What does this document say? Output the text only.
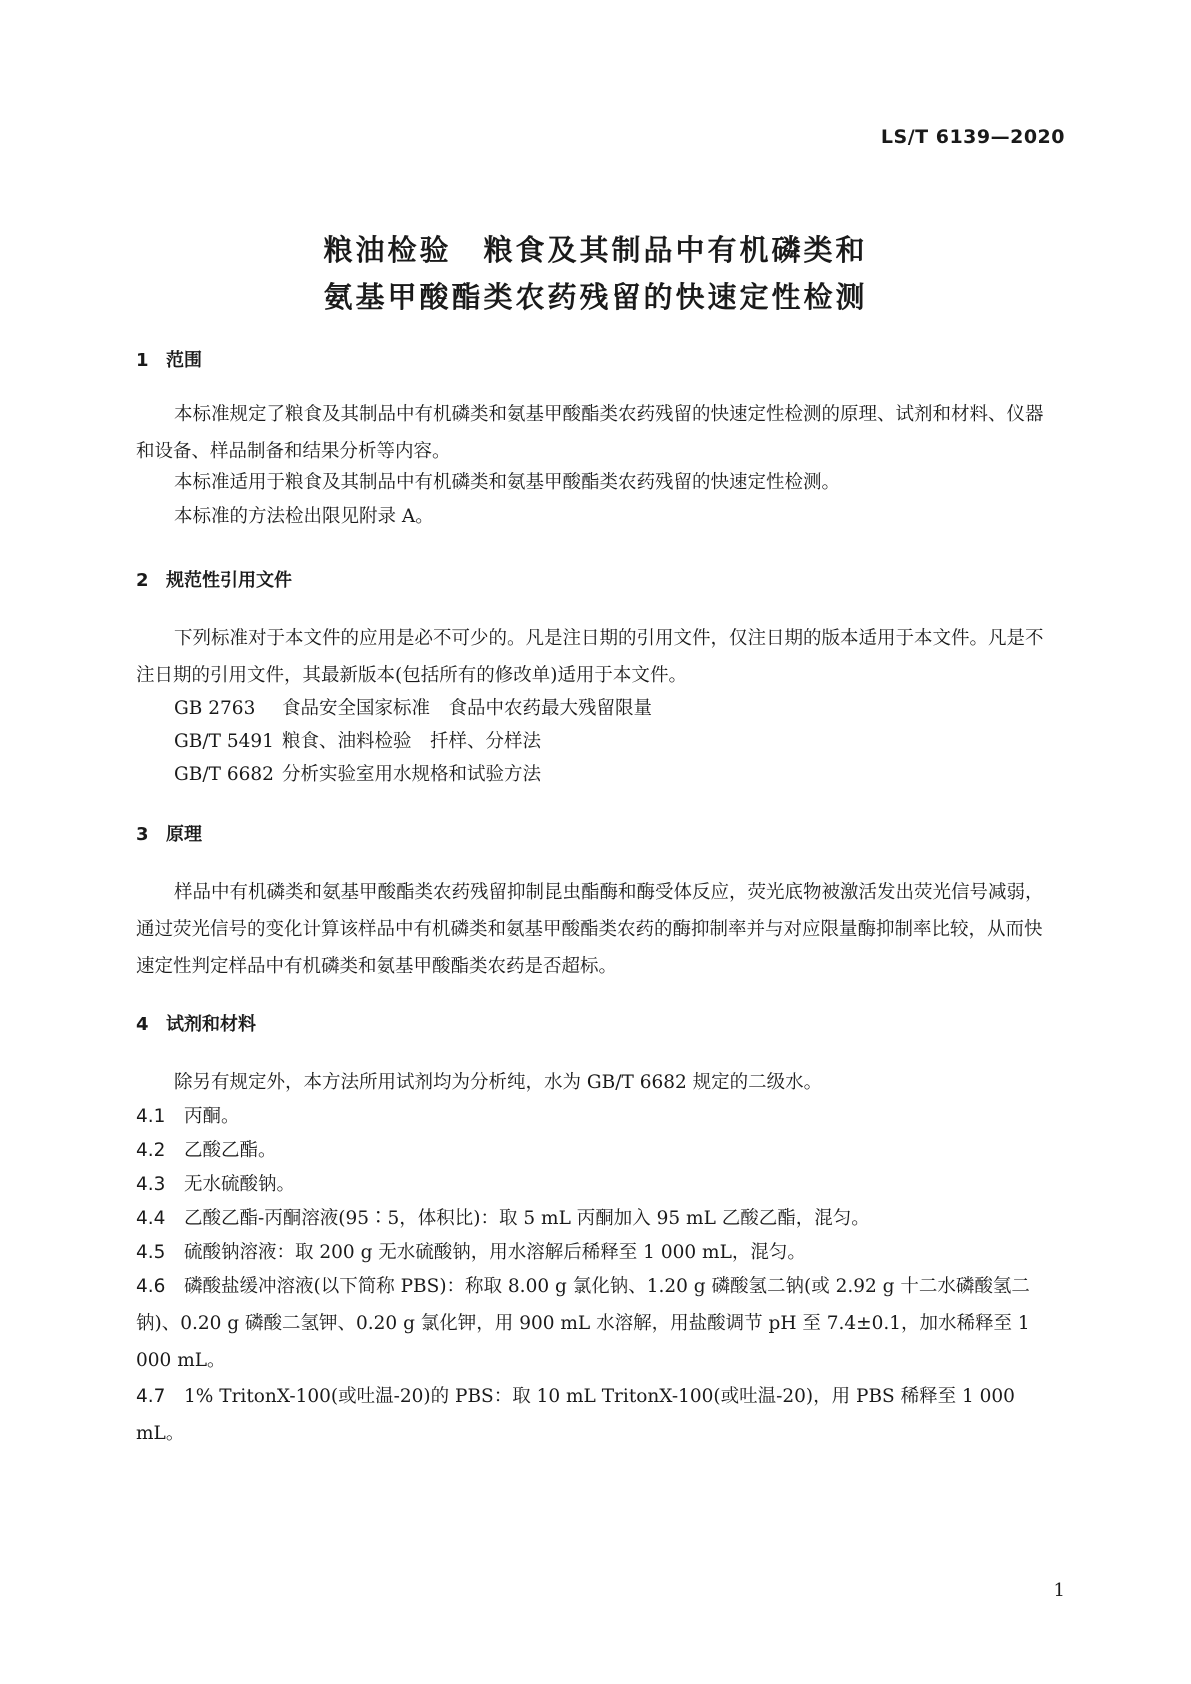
LS/T 6139—2020
粮油检验　粮食及其制品中有机磷类和
氨基甲酸酯类农药残留的快速定性检测
1 范围
本标准规定了粮食及其制品中有机磷类和氨基甲酸酯类农药残留的快速定性检测的原理、试剂和材料、仪器和设备、样品制备和结果分析等内容。
本标准适用于粮食及其制品中有机磷类和氨基甲酸酯类农药残留的快速定性检测。
本标准的方法检出限见附录 A。
2 规范性引用文件
下列标准对于本文件的应用是必不可少的。凡是注日期的引用文件，仅注日期的版本适用于本文件。凡是不注日期的引用文件，其最新版本(包括所有的修改单)适用于本文件。
GB 2763 食品安全国家标准　食品中农药最大残留限量
GB/T 5491 粮食、油料检验　扦样、分样法
GB/T 6682 分析实验室用水规格和试验方法
3 原理
样品中有机磷类和氨基甲酸酯类农药残留抑制昆虫酯酶和酶受体反应，荧光底物被激活发出荧光信号减弱，通过荧光信号的变化计算该样品中有机磷类和氨基甲酸酯类农药的酶抑制率并与对应限量酶抑制率比较，从而快速定性判定样品中有机磷类和氨基甲酸酯类农药是否超标。
4 试剂和材料
除另有规定外，本方法所用试剂均为分析纯，水为 GB/T 6682 规定的二级水。
4.1 丙酮。
4.2 乙酸乙酯。
4.3 无水硫酸钠。
4.4 乙酸乙酯-丙酮溶液(95∶5，体积比)：取 5 mL 丙酮加入 95 mL 乙酸乙酯，混匀。
4.5 硫酸钠溶液：取 200 g 无水硫酸钠，用水溶解后稀释至 1 000 mL，混匀。
4.6 磷酸盐缓冲溶液(以下简称 PBS)：称取 8.00 g 氯化钠、1.20 g 磷酸氢二钠(或 2.92 g 十二水磷酸氢二钠)、0.20 g 磷酸二氢钾、0.20 g 氯化钾，用 900 mL 水溶解，用盐酸调节 pH 至 7.4±0.1，加水稀释至 1 000 mL。
4.7 1% TritonX-100(或吐温-20)的 PBS：取 10 mL TritonX-100(或吐温-20)，用 PBS 稀释至 1 000 mL。
1
